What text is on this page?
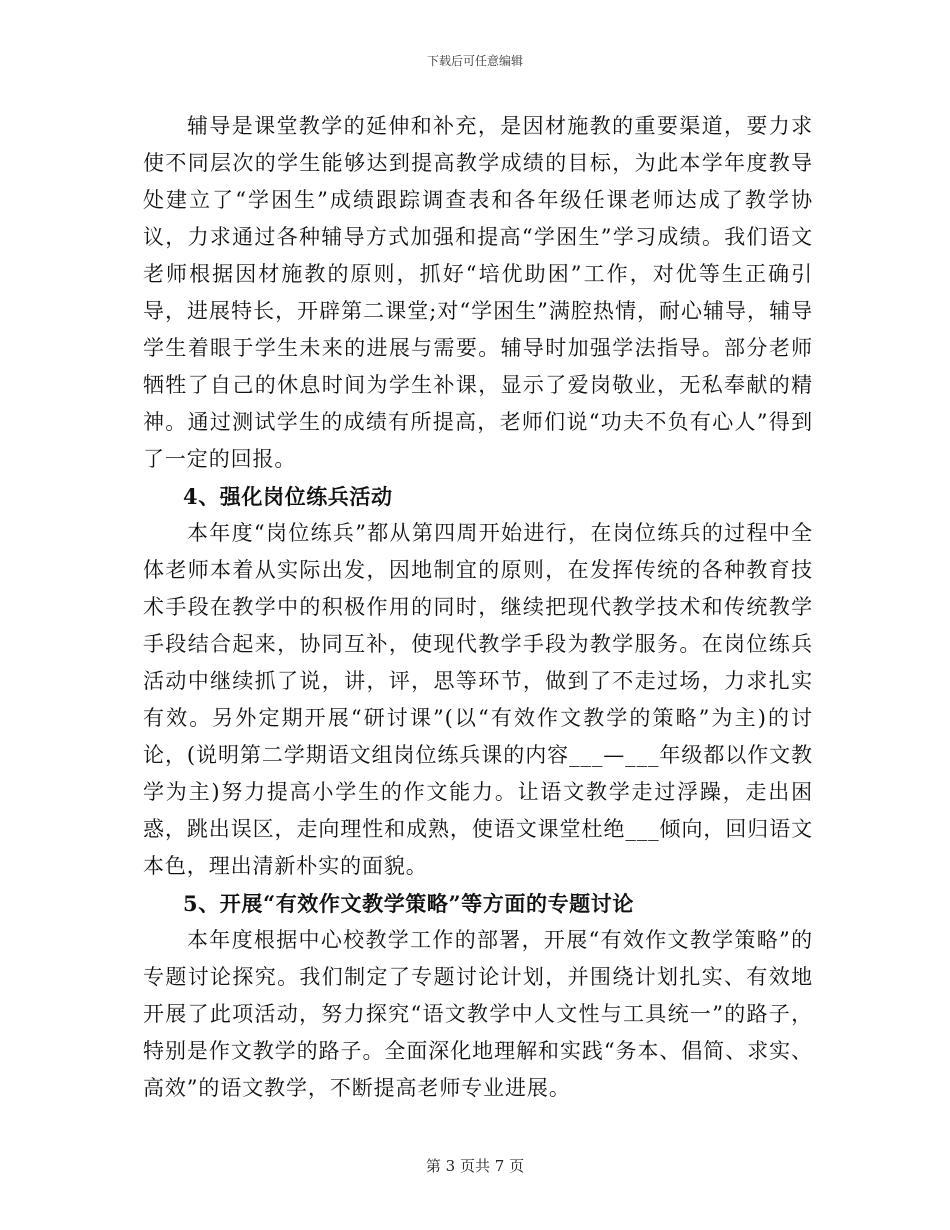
下载后可任意编辑

辅导是课堂教学的延伸和补充，是因材施教的重要渠道，要力求使不同层次的学生能够达到提高教学成绩的目标，为此本学年度教导处建立了“学困生”成绩跟踪调查表和各年级任课老师达成了教学协议，力求通过各种辅导方式加强和提高“学困生”学习成绩。我们语文老师根据因材施教的原则，抓好“培优助困”工作，对优等生正确引导，进展特长，开辟第二课堂;对“学困生”满腔热情，耐心辅导，辅导学生着眼于学生未来的进展与需要。辅导时加强学法指导。部分老师牺牲了自己的休息时间为学生补课，显示了爱岗敬业，无私奉献的精神。通过测试学生的成绩有所提高，老师们说“功夫不负有心人”得到了一定的回报。

4、强化岗位练兵活动

本年度“岗位练兵”都从第四周开始进行，在岗位练兵的过程中全体老师本着从实际出发，因地制宜的原则，在发挥传统的各种教育技术手段在教学中的积极作用的同时，继续把现代教学技术和传统教学手段结合起来，协同互补，使现代教学手段为教学服务。在岗位练兵活动中继续抓了说，讲，评，思等环节，做到了不走过场，力求扎实有效。另外定期开展“研讨课”(以“有效作文教学的策略”为主)的讨论，(说明第二学期语文组岗位练兵课的内容___—___年级都以作文教学为主)努力提高小学生的作文能力。让语文教学走过浮躁，走出困惑，跳出误区，走向理性和成熟，使语文课堂杜绝___倾向，回归语文本色，理出清新朴实的面貌。

5、开展“有效作文教学策略”等方面的专题讨论

本年度根据中心校教学工作的部署，开展“有效作文教学策略”的专题讨论探究。我们制定了专题讨论计划，并围绕计划扎实、有效地开展了此项活动，努力探究“语文教学中人文性与工具统一”的路子，特别是作文教学的路子。全面深化地理解和实践“务本、倡简、求实、高效”的语文教学，不断提高老师专业进展。

第 3 页共 7 页
